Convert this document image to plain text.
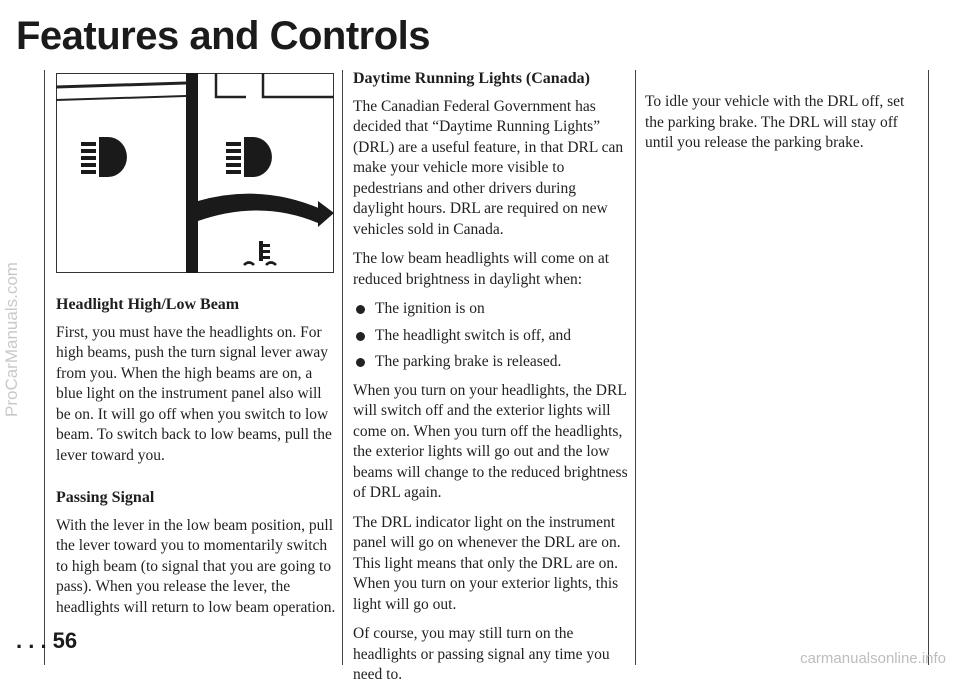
Features and Controls
ProCarManuals.com Headlight High/Low Beam

First, you must have the headlights on. For high beams, push the turn signal lever away from you. When the high beams are on, a blue light on the instrument panel also will be on. It will go off when you switch to low beam. To switch back to low beams, pull the lever toward you.

Passing Signal

With the lever in the low beam position, pull the lever toward you to momentarily switch to high beam (to signal that you are going to pass). When you release the lever, the headlights will return to low beam operation.

Daytime Running Lights (Canada)

The Canadian Federal Government has decided that “Daytime Running Lights” (DRL) are a useful feature, in that DRL can make your vehicle more visible to pedestrians and other drivers during daylight hours. DRL are required on new vehicles sold in Canada.

The low beam headlights will come on at reduced brightness in daylight when:

The ignition is on
The headlight switch is off, and
The parking brake is released.

When you turn on your headlights, the DRL will switch off and the exterior lights will come on. When you turn off the headlights, the exterior lights will go out and the low beams will change to the reduced brightness of DRL again.

The DRL indicator light on the instrument panel will go on whenever the DRL are on. This light means that only the DRL are on. When you turn on your exterior lights, this light will go out.

Of course, you may still turn on the headlights or passing signal any time you need to.

To idle your vehicle with the DRL off, set the parking brake. The DRL will stay off until you release the parking brake.

. . . 56
carmanualsonline.info
